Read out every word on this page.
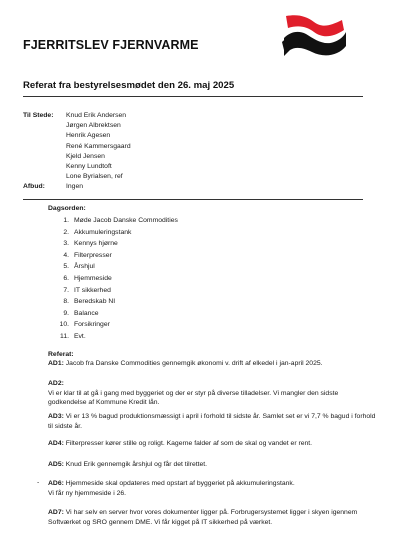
FJERRITSLEV FJERNVARME
Referat fra bestyrelsesmødet den 26. maj 2025
Til Stede:	Knud Erik Andersen
Jørgen Albrektsen
Henrik Agesen
René Kammersgaard
Kjeld Jensen
Kenny Lundtoft
Lone Byrialsen, ref
Afbud:	Ingen
Dagsorden:
1. Møde Jacob Danske Commodities
2. Akkumuleringstank
3. Kennys hjørne
4. Filterpresser
5. Årshjul
6. Hjemmeside
7. IT sikkerhed
8. Beredskab NI
9. Balance
10. Forsikringer
11. Evt.
Referat:
AD1: Jacob fra Danske Commodities gennemgik økonomi v. drift af elkedel i jan-april 2025.
AD2:
Vi er klar til at gå i gang med byggeriet og der er styr på diverse tilladelser. Vi mangler den sidste godkendelse af Kommune Kredit lån.
AD3: Vi er 13 % bagud produktionsmæssigt i april i forhold til sidste år. Samlet set er vi 7,7 % bagud i forhold til sidste år.
AD4: Filterpresser kører stille og roligt. Kagerne falder af som de skal og vandet er rent.
AD5: Knud Erik gennemgik årshjul og får det tilrettet.
- AD6: Hjemmeside skal opdateres med opstart af byggeriet på akkumuleringstank.
Vi får ny hjemmeside i 26.
AD7: Vi har selv en server hvor vores dokumenter ligger på. Forbrugersystemet ligger i skyen igennem Softværket og SRO gennem DME. Vi får kigget på IT sikkerhed på værket.
